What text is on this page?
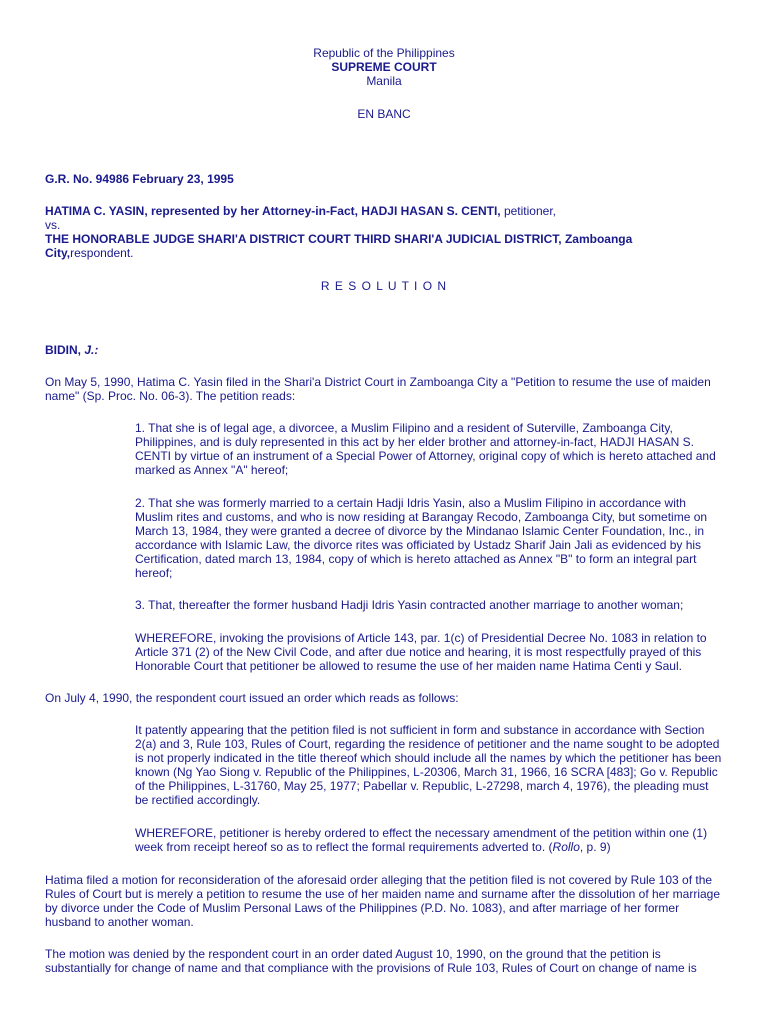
Republic of the Philippines

SUPREME COURT

Manila

EN BANC

G.R. No. 94986 February 23, 1995

HATIMA C. YASIN, represented by her Attorney-in-Fact, HADJI HASAN S. CENTI, petitioner,

vs.

THE HONORABLE JUDGE SHARI'A DISTRICT COURT THIRD SHARI'A JUDICIAL DISTRICT, Zamboanga City,respondent.

R E S O L U T I O N

BIDIN, J.:

On May 5, 1990, Hatima C. Yasin filed in the Shari'a District Court in Zamboanga City a "Petition to resume the use of maiden name" (Sp. Proc. No. 06-3). The petition reads:

1. That she is of legal age, a divorcee, a Muslim Filipino and a resident of Suterville, Zamboanga City, Philippines, and is duly represented in this act by her elder brother and attorney-in-fact, HADJI HASAN S. CENTI by virtue of an instrument of a Special Power of Attorney, original copy of which is hereto attached and marked as Annex "A" hereof;

2. That she was formerly married to a certain Hadji Idris Yasin, also a Muslim Filipino in accordance with Muslim rites and customs, and who is now residing at Barangay Recodo, Zamboanga City, but sometime on March 13, 1984, they were granted a decree of divorce by the Mindanao Islamic Center Foundation, Inc., in accordance with Islamic Law, the divorce rites was officiated by Ustadz Sharif Jain Jali as evidenced by his Certification, dated march 13, 1984, copy of which is hereto attached as Annex "B" to form an integral part hereof;

3. That, thereafter the former husband Hadji Idris Yasin contracted another marriage to another woman;

WHEREFORE, invoking the provisions of Article 143, par. 1(c) of Presidential Decree No. 1083 in relation to Article 371 (2) of the New Civil Code, and after due notice and hearing, it is most respectfully prayed of this Honorable Court that petitioner be allowed to resume the use of her maiden name Hatima Centi y Saul.

On July 4, 1990, the respondent court issued an order which reads as follows:

It patently appearing that the petition filed is not sufficient in form and substance in accordance with Section 2(a) and 3, Rule 103, Rules of Court, regarding the residence of petitioner and the name sought to be adopted is not properly indicated in the title thereof which should include all the names by which the petitioner has been known (Ng Yao Siong v. Republic of the Philippines, L-20306, March 31, 1966, 16 SCRA [483]; Go v. Republic of the Philippines, L-31760, May 25, 1977; Pabellar v. Republic, L-27298, march 4, 1976), the pleading must be rectified accordingly.

WHEREFORE, petitioner is hereby ordered to effect the necessary amendment of the petition within one (1) week from receipt hereof so as to reflect the formal requirements adverted to. (Rollo, p. 9)

Hatima filed a motion for reconsideration of the aforesaid order alleging that the petition filed is not covered by Rule 103 of the Rules of Court but is merely a petition to resume the use of her maiden name and surname after the dissolution of her marriage by divorce under the Code of Muslim Personal Laws of the Philippines (P.D. No. 1083), and after marriage of her former husband to another woman.

The motion was denied by the respondent court in an order dated August 10, 1990, on the ground that the petition is substantially for change of name and that compliance with the provisions of Rule 103, Rules of Court on change of name is
